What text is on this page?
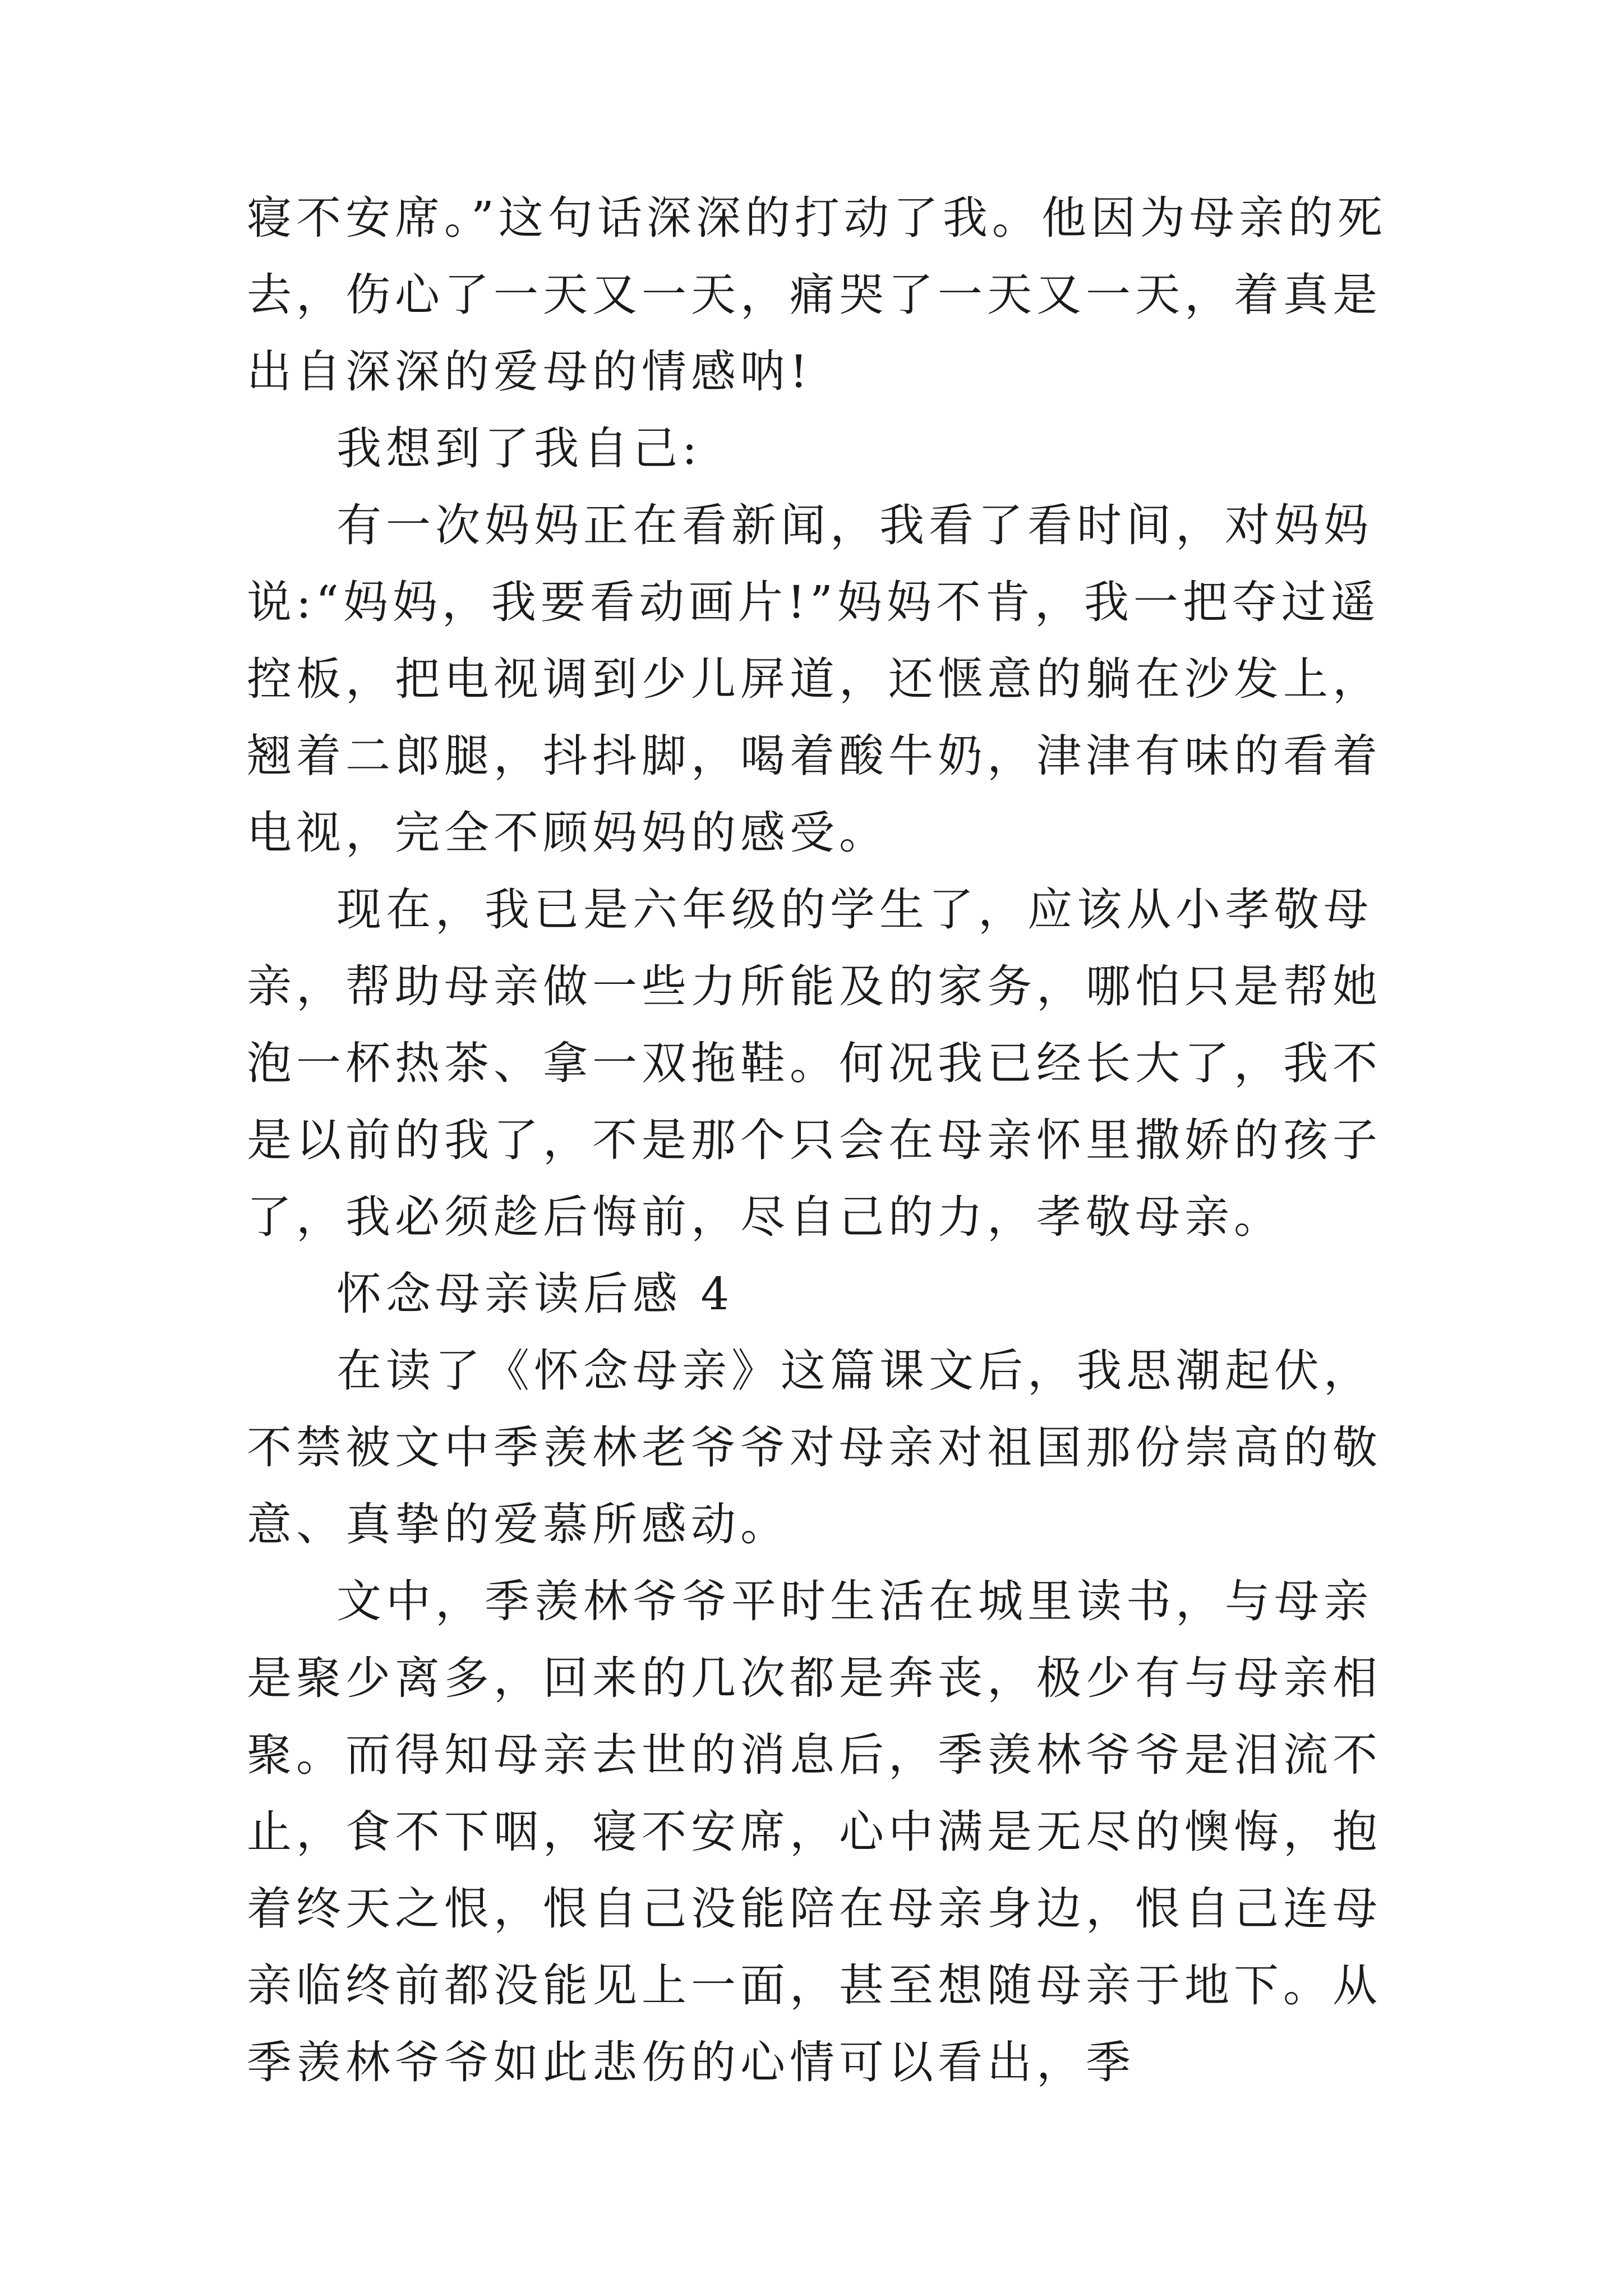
寝不安席。”这句话深深的打动了我。他因为母亲的死去，伤心了一天又一天，痛哭了一天又一天，着真是出自深深的爱母的情感呐!

我想到了我自己:

有一次妈妈正在看新闻，我看了看时间，对妈妈说:“妈妈，我要看动画片!”妈妈不肯，我一把夺过遥控板，把电视调到少儿屏道，还惬意的躺在沙发上，翘着二郎腿，抖抖脚，喝着酸牛奶，津津有味的看着电视，完全不顾妈妈的感受。

现在，我已是六年级的学生了，应该从小孝敬母亲，帮助母亲做一些力所能及的家务，哪怕只是帮她泡一杯热茶、拿一双拖鞋。何况我已经长大了，我不是以前的我了，不是那个只会在母亲怀里撒娇的孩子了，我必须趁后悔前，尽自己的力，孝敬母亲。

怀念母亲读后感 4

在读了《怀念母亲》这篇课文后，我思潮起伏，不禁被文中季羡林老爷爷对母亲对祖国那份崇高的敬意、真挚的爱慕所感动。

文中，季羡林爷爷平时生活在城里读书，与母亲是聚少离多，回来的几次都是奔丧，极少有与母亲相聚。而得知母亲去世的消息后，季羡林爷爷是泪流不止，食不下咽，寝不安席，心中满是无尽的懊悔，抱着终天之恨，恨自己没能陪在母亲身边，恨自己连母亲临终前都没能见上一面，甚至想随母亲于地下。从季羡林爷爷如此悲伤的心情可以看出，季
